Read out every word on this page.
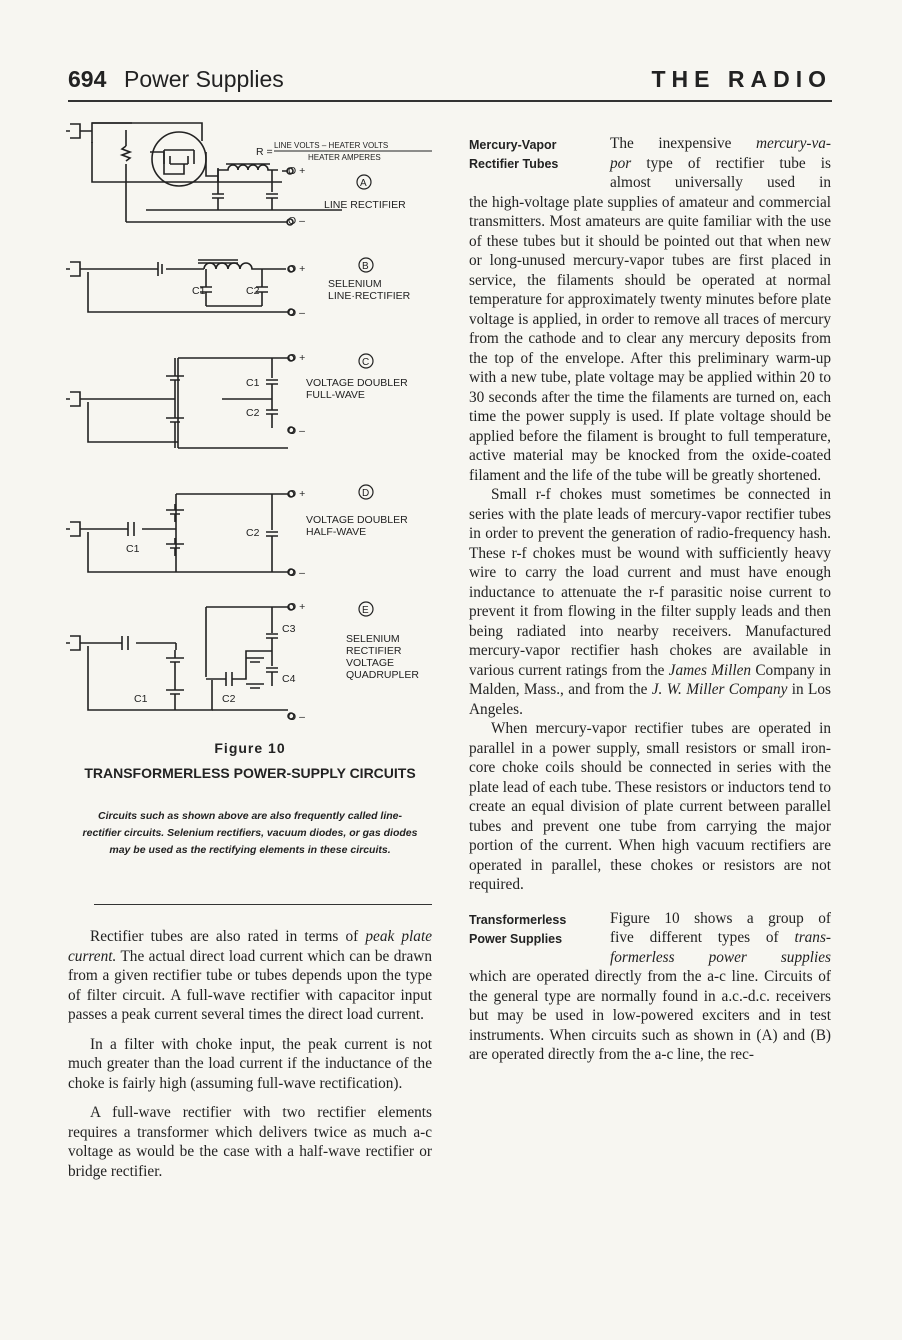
694 Power Supplies	THE RADIO
R =
LINE VOLTS – HEATER VOLTS
HEATER AMPERES
O +
O –
A
LINE RECTIFIER
O +
O –
C1	C2
B
SELENIUM
LINE·RECTIFIER
O +
O –
C1
C2
C
VOLTAGE DOUBLER
FULL-WAVE
O +
O –
C1
C2
D
VOLTAGE DOUBLER
HALF-WAVE
O +
O –
C1	C2
C3
C4
E
SELENIUM
RECTIFIER
VOLTAGE
QUADRUPLER
Figure 10
TRANSFORMERLESS POWER-SUPPLY CIRCUITS
Circuits such as shown above are also frequently called line-rectifier circuits. Selenium rectifiers, vacuum diodes, or gas diodes may be used as the rectifying elements in these circuits.

Rectifier tubes are also rated in terms of peak plate current. The actual direct load current which can be drawn from a given rectifier tube or tubes depends upon the type of filter circuit. A full-wave rectifier with capacitor input passes a peak current several times the direct load current.

In a filter with choke input, the peak current is not much greater than the load current if the inductance of the choke is fairly high (assuming full-wave rectification).

A full-wave rectifier with two rectifier elements requires a transformer which delivers twice as much a-c voltage as would be the case with a half-wave rectifier or bridge rectifier.

Mercury-Vapor
Rectifier Tubes
The inexpensive mercury-va-
por type of rectifier tube is
almost universally used in

the high-voltage plate supplies of amateur and commercial transmitters. Most amateurs are quite familiar with the use of these tubes but it should be pointed out that when new or long-unused mercury-vapor tubes are first placed in service, the filaments should be operated at normal temperature for approximately twenty minutes before plate voltage is applied, in order to remove all traces of mercury from the cathode and to clear any mercury deposits from the top of the envelope. After this preliminary warm-up with a new tube, plate voltage may be applied within 20 to 30 seconds after the time the filaments are turned on, each time the power supply is used. If plate voltage should be applied before the filament is brought to full temperature, active material may be knocked from the oxide-coated filament and the life of the tube will be greatly shortened.

Small r-f chokes must sometimes be connected in series with the plate leads of mercury-vapor rectifier tubes in order to prevent the generation of radio-frequency hash. These r-f chokes must be wound with sufficiently heavy wire to carry the load current and must have enough inductance to attenuate the r-f parasitic noise current to prevent it from flowing in the filter supply leads and then being radiated into nearby receivers. Manufactured mercury-vapor rectifier hash chokes are available in various current ratings from the James Millen Company in Malden, Mass., and from the J. W. Miller Company in Los Angeles.

When mercury-vapor rectifier tubes are operated in parallel in a power supply, small resistors or small iron-core choke coils should be connected in series with the plate lead of each tube. These resistors or inductors tend to create an equal division of plate current between parallel tubes and prevent one tube from carrying the major portion of the current. When high vacuum rectifiers are operated in parallel, these chokes or resistors are not required.

Transformerless
Power Supplies
Figure 10 shows a group of
five different types of trans-
formerless power supplies

which are operated directly from the a-c line. Circuits of the general type are normally found in a.c.-d.c. receivers but may be used in low-powered exciters and in test instruments. When circuits such as shown in (A) and (B) are operated directly from the a-c line, the rec-
